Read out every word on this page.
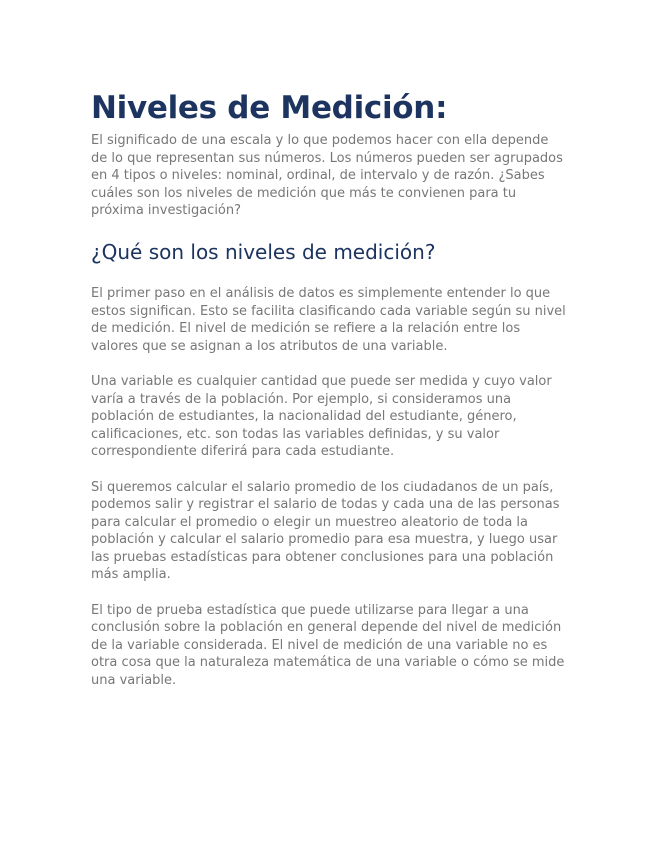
Niveles de Medición:

El significado de una escala y lo que podemos hacer con ella depende de lo que representan sus números. Los números pueden ser agrupados en 4 tipos o niveles: nominal, ordinal, de intervalo y de razón. ¿Sabes cuáles son los niveles de medición que más te convienen para tu próxima investigación?

¿Qué son los niveles de medición?

El primer paso en el análisis de datos es simplemente entender lo que estos significan. Esto se facilita clasificando cada variable según su nivel de medición. El nivel de medición se refiere a la relación entre los valores que se asignan a los atributos de una variable.

Una variable es cualquier cantidad que puede ser medida y cuyo valor varía a través de la población. Por ejemplo, si consideramos una población de estudiantes, la nacionalidad del estudiante, género, calificaciones, etc. son todas las variables definidas, y su valor correspondiente diferirá para cada estudiante.

Si queremos calcular el salario promedio de los ciudadanos de un país, podemos salir y registrar el salario de todas y cada una de las personas para calcular el promedio o elegir un muestreo aleatorio de toda la población y calcular el salario promedio para esa muestra, y luego usar las pruebas estadísticas para obtener conclusiones para una población más amplia.

El tipo de prueba estadística que puede utilizarse para llegar a una conclusión sobre la población en general depende del nivel de medición de la variable considerada. El nivel de medición de una variable no es otra cosa que la naturaleza matemática de una variable o cómo se mide una variable.
